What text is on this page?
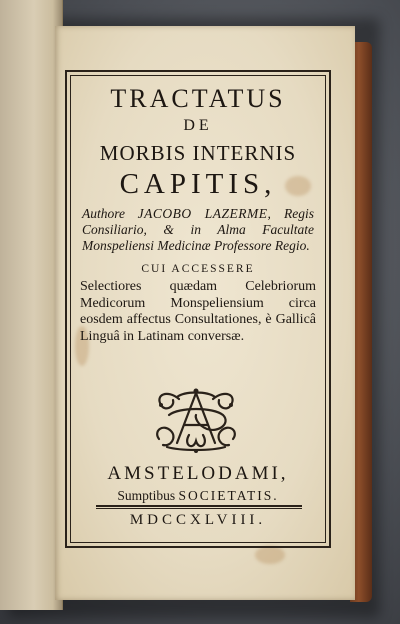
TRACTATUS
DE
MORBIS INTERNIS
CAPITIS,
Authore JACOBO LAZERME, Regis Consiliario, & in Alma Facultate Monspeliensi Medicinæ Professore Regio.
CUI ACCESSERE
Selectiores quædam Celebriorum Medicorum Monspeliensium circa eosdem affectus Consultationes, è Gallicâ Linguâ in Latinam conversæ.
AMSTELODAMI,
Sumptibus SOCIETATIS.
MDCCXLVIII.
